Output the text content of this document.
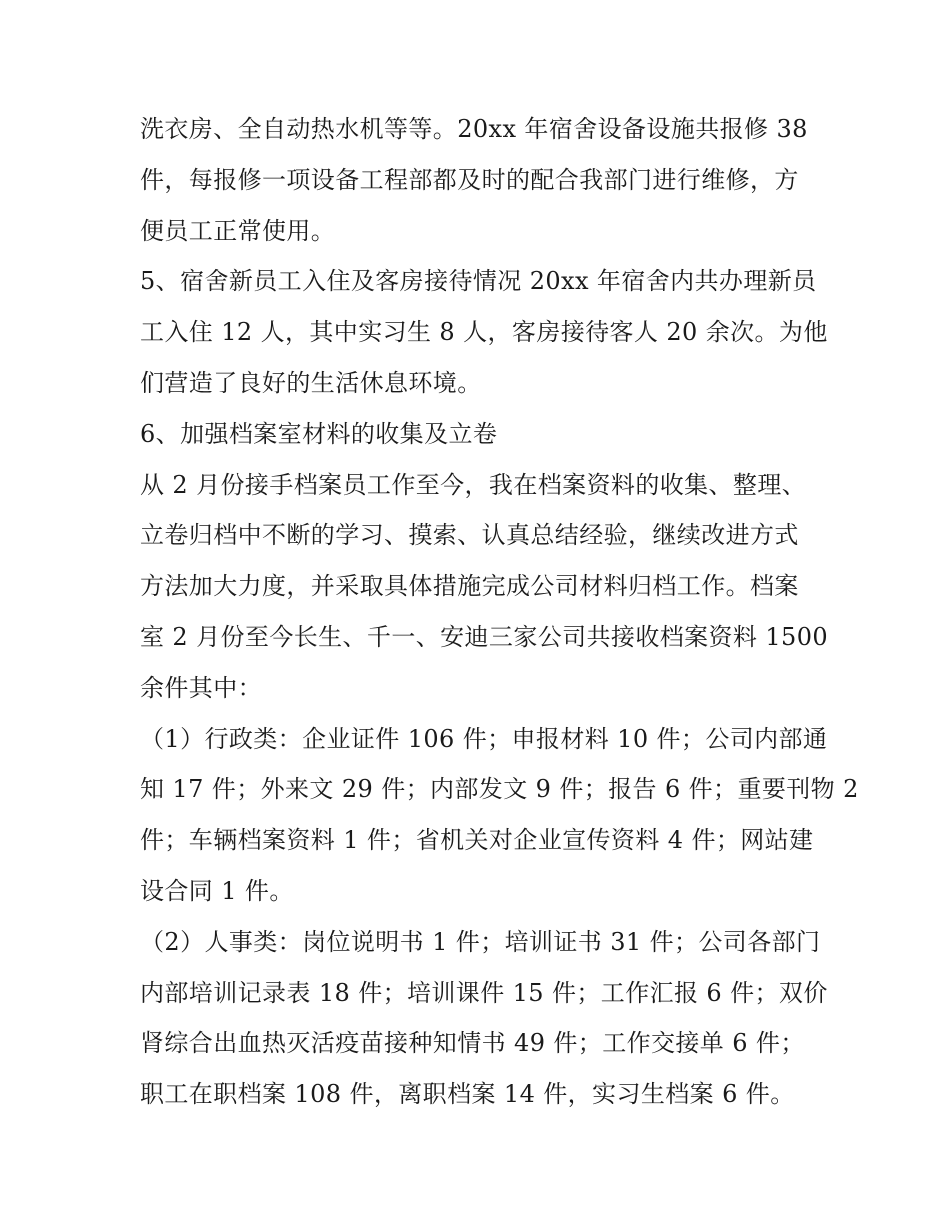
洗衣房、全自动热水机等等。20xx 年宿舍设备设施共报修 38
件，每报修一项设备工程部都及时的配合我部门进行维修，方
便员工正常使用。
5、宿舍新员工入住及客房接待情况 20xx 年宿舍内共办理新员
工入住 12 人，其中实习生 8 人，客房接待客人 20 余次。为他
们营造了良好的生活休息环境。
6、加强档案室材料的收集及立卷
从 2 月份接手档案员工作至今，我在档案资料的收集、整理、
立卷归档中不断的学习、摸索、认真总结经验，继续改进方式
方法加大力度，并采取具体措施完成公司材料归档工作。档案
室 2 月份至今长生、千一、安迪三家公司共接收档案资料 1500
余件其中：
（1）行政类：企业证件 106 件；申报材料 10 件；公司内部通
知 17 件；外来文 29 件；内部发文 9 件；报告 6 件；重要刊物 2
件；车辆档案资料 1 件；省机关对企业宣传资料 4 件；网站建
设合同 1 件。
（2）人事类：岗位说明书 1 件；培训证书 31 件；公司各部门
内部培训记录表 18 件；培训课件 15 件；工作汇报 6 件；双价
肾综合出血热灭活疫苗接种知情书 49 件；工作交接单 6 件；
职工在职档案 108 件，离职档案 14 件，实习生档案 6 件。
